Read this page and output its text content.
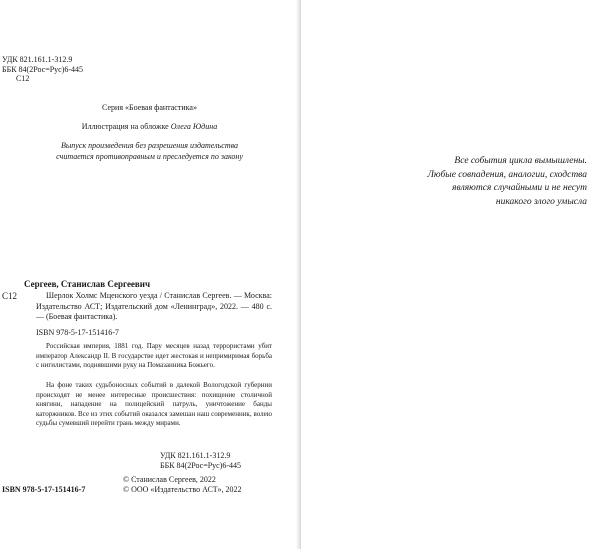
УДК 821.161.1-312.9
ББК 84(2Рос=Рус)6-445
С12
Серия «Боевая фантастика»
Иллюстрация на обложке Олега Юдина
Выпуск произведения без разрешения издательства
считается противоправным и преследуется по закону
Сергеев, Станислав Сергеевич
С12	Шерлок Холмс Мценского уезда / Станислав Сергеев. — Москва: Издательство АСТ; Издательский дом «Ленинград», 2022. — 480 с. — (Боевая фантастика).
ISBN 978-5-17-151416-7
Российская империя, 1881 год. Пару месяцев назад террористами убит император Александр II. В государстве идет жестокая и непримиримая борьба с нигилистами, поднявшими руку на Помазанника Божьего.
На фоне таких судьбоносных событий в далекой Вологодской губернии происходят не менее интересные происшествия: похищение столичной княгини, нападение на полицейский патруль, уничтожение банды каторжников. Все из этих событий оказался замешан наш современник, волею судьбы сумевший перейти грань между мирами.
УДК 821.161.1-312.9
ББК 84(2Рос=Рус)6-445
ISBN 978-5-17-151416-7
© Станислав Сергеев, 2022
© ООО «Издательство АСТ», 2022
Все события цикла вымышлены.
Любые совпадения, аналогии, сходства
являются случайными и не несут
никакого злого умысла
